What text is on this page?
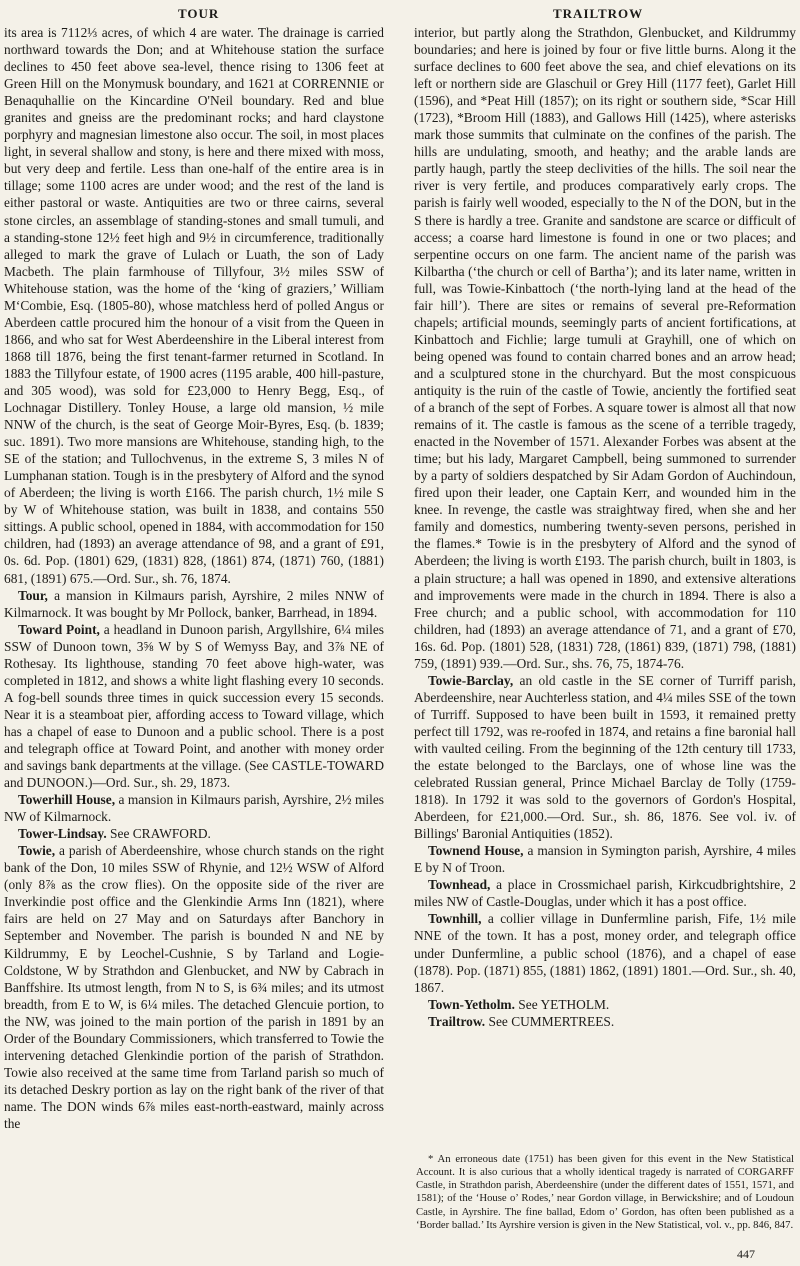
TOUR	TRAILTROW

its area is 7112⅓ acres, of which 4 are water. The drainage is carried northward towards the Don; and at Whitehouse station the surface declines to 450 feet above sea-level, thence rising to 1306 feet at Green Hill on the Monymusk boundary, and 1621 at CORRENNIE or Benaquhallie on the Kincardine O'Neil boundary. Red and blue granites and gneiss are the predominant rocks; and hard claystone porphyry and magnesian limestone also occur. The soil, in most places light, in several shallow and stony, is here and there mixed with moss, but very deep and fertile. Less than one-half of the entire area is in tillage; some 1100 acres are under wood; and the rest of the land is either pastoral or waste. Antiquities are two or three cairns, several stone circles, an assemblage of standing-stones and small tumuli, and a standing-stone 12½ feet high and 9½ in circumference, traditionally alleged to mark the grave of Lulach or Luath, the son of Lady Macbeth. The plain farmhouse of Tillyfour, 3½ miles SSW of Whitehouse station, was the home of the ‘king of graziers,’ William M‘Combie, Esq. (1805-80), whose matchless herd of polled Angus or Aberdeen cattle procured him the honour of a visit from the Queen in 1866, and who sat for West Aberdeenshire in the Liberal interest from 1868 till 1876, being the first tenant-farmer returned in Scotland. In 1883 the Tillyfour estate, of 1900 acres (1195 arable, 400 hill-pasture, and 305 wood), was sold for £23,000 to Henry Begg, Esq., of Lochnagar Distillery. Tonley House, a large old mansion, ½ mile NNW of the church, is the seat of George Moir-Byres, Esq. (b. 1839; suc. 1891). Two more mansions are Whitehouse, standing high, to the SE of the station; and Tullochvenus, in the extreme S, 3 miles N of Lumphanan station. Tough is in the presbytery of Alford and the synod of Aberdeen; the living is worth £166. The parish church, 1½ mile S by W of Whitehouse station, was built in 1838, and contains 550 sittings. A public school, opened in 1884, with accommodation for 150 children, had (1893) an average attendance of 98, and a grant of £91, 0s. 6d. Pop. (1801) 629, (1831) 828, (1861) 874, (1871) 760, (1881) 681, (1891) 675.—Ord. Sur., sh. 76, 1874.

Tour, a mansion in Kilmaurs parish, Ayrshire, 2 miles NNW of Kilmarnock. It was bought by Mr Pollock, banker, Barrhead, in 1894.

Toward Point, a headland in Dunoon parish, Argyllshire, 6¼ miles SSW of Dunoon town, 3⅝ W by S of Wemyss Bay, and 3⅞ NE of Rothesay. Its lighthouse, standing 70 feet above high-water, was completed in 1812, and shows a white light flashing every 10 seconds. A fog-bell sounds three times in quick succession every 15 seconds. Near it is a steamboat pier, affording access to Toward village, which has a chapel of ease to Dunoon and a public school. There is a post and telegraph office at Toward Point, and another with money order and savings bank departments at the village. (See CASTLE-TOWARD and DUNOON.)—Ord. Sur., sh. 29, 1873.

Towerhill House, a mansion in Kilmaurs parish, Ayrshire, 2½ miles NW of Kilmarnock.

Tower-Lindsay. See CRAWFORD.

Towie, a parish of Aberdeenshire, whose church stands on the right bank of the Don, 10 miles SSW of Rhynie, and 12½ WSW of Alford (only 8⅞ as the crow flies). On the opposite side of the river are Inverkindie post office and the Glenkindie Arms Inn (1821), where fairs are held on 27 May and on Saturdays after Banchory in September and November. The parish is bounded N and NE by Kildrummy, E by Leochel-Cushnie, S by Tarland and Logie-Coldstone, W by Strathdon and Glenbucket, and NW by Cabrach in Banffshire. Its utmost length, from N to S, is 6¾ miles; and its utmost breadth, from E to W, is 6¼ miles. The detached Glencuie portion, to the NW, was joined to the main portion of the parish in 1891 by an Order of the Boundary Commissioners, which transferred to Towie the intervening detached Glenkindie portion of the parish of Strathdon. Towie also received at the same time from Tarland parish so much of its detached Deskry portion as lay on the right bank of the river of that name. The DON winds 6⅞ miles east-north-eastward, mainly across the

interior, but partly along the Strathdon, Glenbucket, and Kildrummy boundaries; and here is joined by four or five little burns. Along it the surface declines to 600 feet above the sea, and chief elevations on its left or northern side are Glaschuil or Grey Hill (1177 feet), Garlet Hill (1596), and *Peat Hill (1857); on its right or southern side, *Scar Hill (1723), *Broom Hill (1883), and Gallows Hill (1425), where asterisks mark those summits that culminate on the confines of the parish. The hills are undulating, smooth, and heathy; and the arable lands are partly haugh, partly the steep declivities of the hills. The soil near the river is very fertile, and produces comparatively early crops. The parish is fairly well wooded, especially to the N of the DON, but in the S there is hardly a tree. Granite and sandstone are scarce or difficult of access; a coarse hard limestone is found in one or two places; and serpentine occurs on one farm. The ancient name of the parish was Kilbartha (‘the church or cell of Bartha’); and its later name, written in full, was Towie-Kinbattoch (‘the north-lying land at the head of the fair hill’). There are sites or remains of several pre-Reformation chapels; artificial mounds, seemingly parts of ancient fortifications, at Kinbattoch and Fichlie; large tumuli at Grayhill, one of which on being opened was found to contain charred bones and an arrow head; and a sculptured stone in the churchyard. But the most conspicuous antiquity is the ruin of the castle of Towie, anciently the fortified seat of a branch of the sept of Forbes. A square tower is almost all that now remains of it. The castle is famous as the scene of a terrible tragedy, enacted in the November of 1571. Alexander Forbes was absent at the time; but his lady, Margaret Campbell, being summoned to surrender by a party of soldiers despatched by Sir Adam Gordon of Auchindoun, fired upon their leader, one Captain Kerr, and wounded him in the knee. In revenge, the castle was straightway fired, when she and her family and domestics, numbering twenty-seven persons, perished in the flames.* Towie is in the presbytery of Alford and the synod of Aberdeen; the living is worth £193. The parish church, built in 1803, is a plain structure; a hall was opened in 1890, and extensive alterations and improvements were made in the church in 1894. There is also a Free church; and a public school, with accommodation for 110 children, had (1893) an average attendance of 71, and a grant of £70, 16s. 6d. Pop. (1801) 528, (1831) 728, (1861) 839, (1871) 798, (1881) 759, (1891) 939.—Ord. Sur., shs. 76, 75, 1874-76.

Towie-Barclay, an old castle in the SE corner of Turriff parish, Aberdeenshire, near Auchterless station, and 4¼ miles SSE of the town of Turriff. Supposed to have been built in 1593, it remained pretty perfect till 1792, was re-roofed in 1874, and retains a fine baronial hall with vaulted ceiling. From the beginning of the 12th century till 1733, the estate belonged to the Barclays, one of whose line was the celebrated Russian general, Prince Michael Barclay de Tolly (1759-1818). In 1792 it was sold to the governors of Gordon's Hospital, Aberdeen, for £21,000.—Ord. Sur., sh. 86, 1876. See vol. iv. of Billings' Baronial Antiquities (1852).

Townend House, a mansion in Symington parish, Ayrshire, 4 miles E by N of Troon.

Townhead, a place in Crossmichael parish, Kirkcudbrightshire, 2 miles NW of Castle-Douglas, under which it has a post office.

Townhill, a collier village in Dunfermline parish, Fife, 1½ mile NNE of the town. It has a post, money order, and telegraph office under Dunfermline, a public school (1876), and a chapel of ease (1878). Pop. (1871) 855, (1881) 1862, (1891) 1801.—Ord. Sur., sh. 40, 1867.

Town-Yetholm. See YETHOLM.

Trailtrow. See CUMMERTREES.

* An erroneous date (1751) has been given for this event in the New Statistical Account. It is also curious that a wholly identical tragedy is narrated of CORGARFF Castle, in Strathdon parish, Aberdeenshire (under the different dates of 1551, 1571, and 1581); of the ‘House o’ Rodes,’ near Gordon village, in Berwickshire; and of Loudoun Castle, in Ayrshire. The fine ballad, Edom o’ Gordon, has often been published as a ‘Border ballad.’ Its Ayrshire version is given in the New Statistical, vol. v., pp. 846, 847.

447
